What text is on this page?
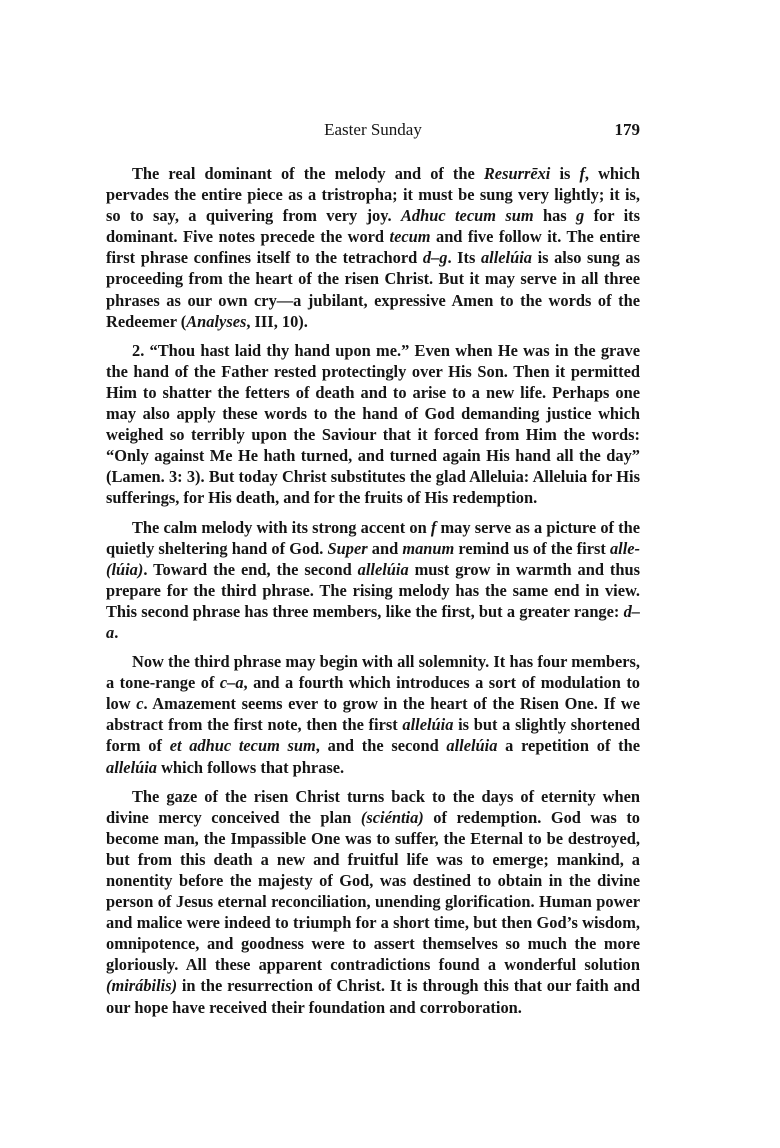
Easter Sunday	179

The real dominant of the melody and of the Resurrēxi is f, which pervades the entire piece as a tristropha; it must be sung very lightly; it is, so to say, a quivering from very joy. Adhuc tecum sum has g for its dominant. Five notes precede the word tecum and five follow it. The entire first phrase confines itself to the tetrachord d–g. Its allelúia is also sung as proceeding from the heart of the risen Christ. But it may serve in all three phrases as our own cry—a jubilant, expressive Amen to the words of the Redeemer (Analyses, III, 10).

2. “Thou hast laid thy hand upon me.” Even when He was in the grave the hand of the Father rested protectingly over His Son. Then it permitted Him to shatter the fetters of death and to arise to a new life. Perhaps one may also apply these words to the hand of God demanding justice which weighed so terribly upon the Saviour that it forced from Him the words: “Only against Me He hath turned, and turned again His hand all the day” (Lamen. 3: 3). But today Christ substitutes the glad Alleluia: Alleluia for His sufferings, for His death, and for the fruits of His redemption.

The calm melody with its strong accent on f may serve as a picture of the quietly sheltering hand of God. Super and manum remind us of the first alle-(lúia). Toward the end, the second allelúia must grow in warmth and thus prepare for the third phrase. The rising melody has the same end in view. This second phrase has three members, like the first, but a greater range: d–a.

Now the third phrase may begin with all solemnity. It has four members, a tone-range of c–a, and a fourth which introduces a sort of modulation to low c. Amazement seems ever to grow in the heart of the Risen One. If we abstract from the first note, then the first allelúia is but a slightly shortened form of et adhuc tecum sum, and the second allelúia a repetition of the allelúia which follows that phrase.

The gaze of the risen Christ turns back to the days of eternity when divine mercy conceived the plan (sciéntia) of redemption. God was to become man, the Impassible One was to suffer, the Eternal to be destroyed, but from this death a new and fruitful life was to emerge; mankind, a nonentity before the majesty of God, was destined to obtain in the divine person of Jesus eternal reconciliation, unending glorification. Human power and malice were indeed to triumph for a short time, but then God’s wisdom, omnipotence, and goodness were to assert themselves so much the more gloriously. All these apparent contradictions found a wonderful solution (mirábilis) in the resurrection of Christ. It is through this that our faith and our hope have received their foundation and corroboration.
